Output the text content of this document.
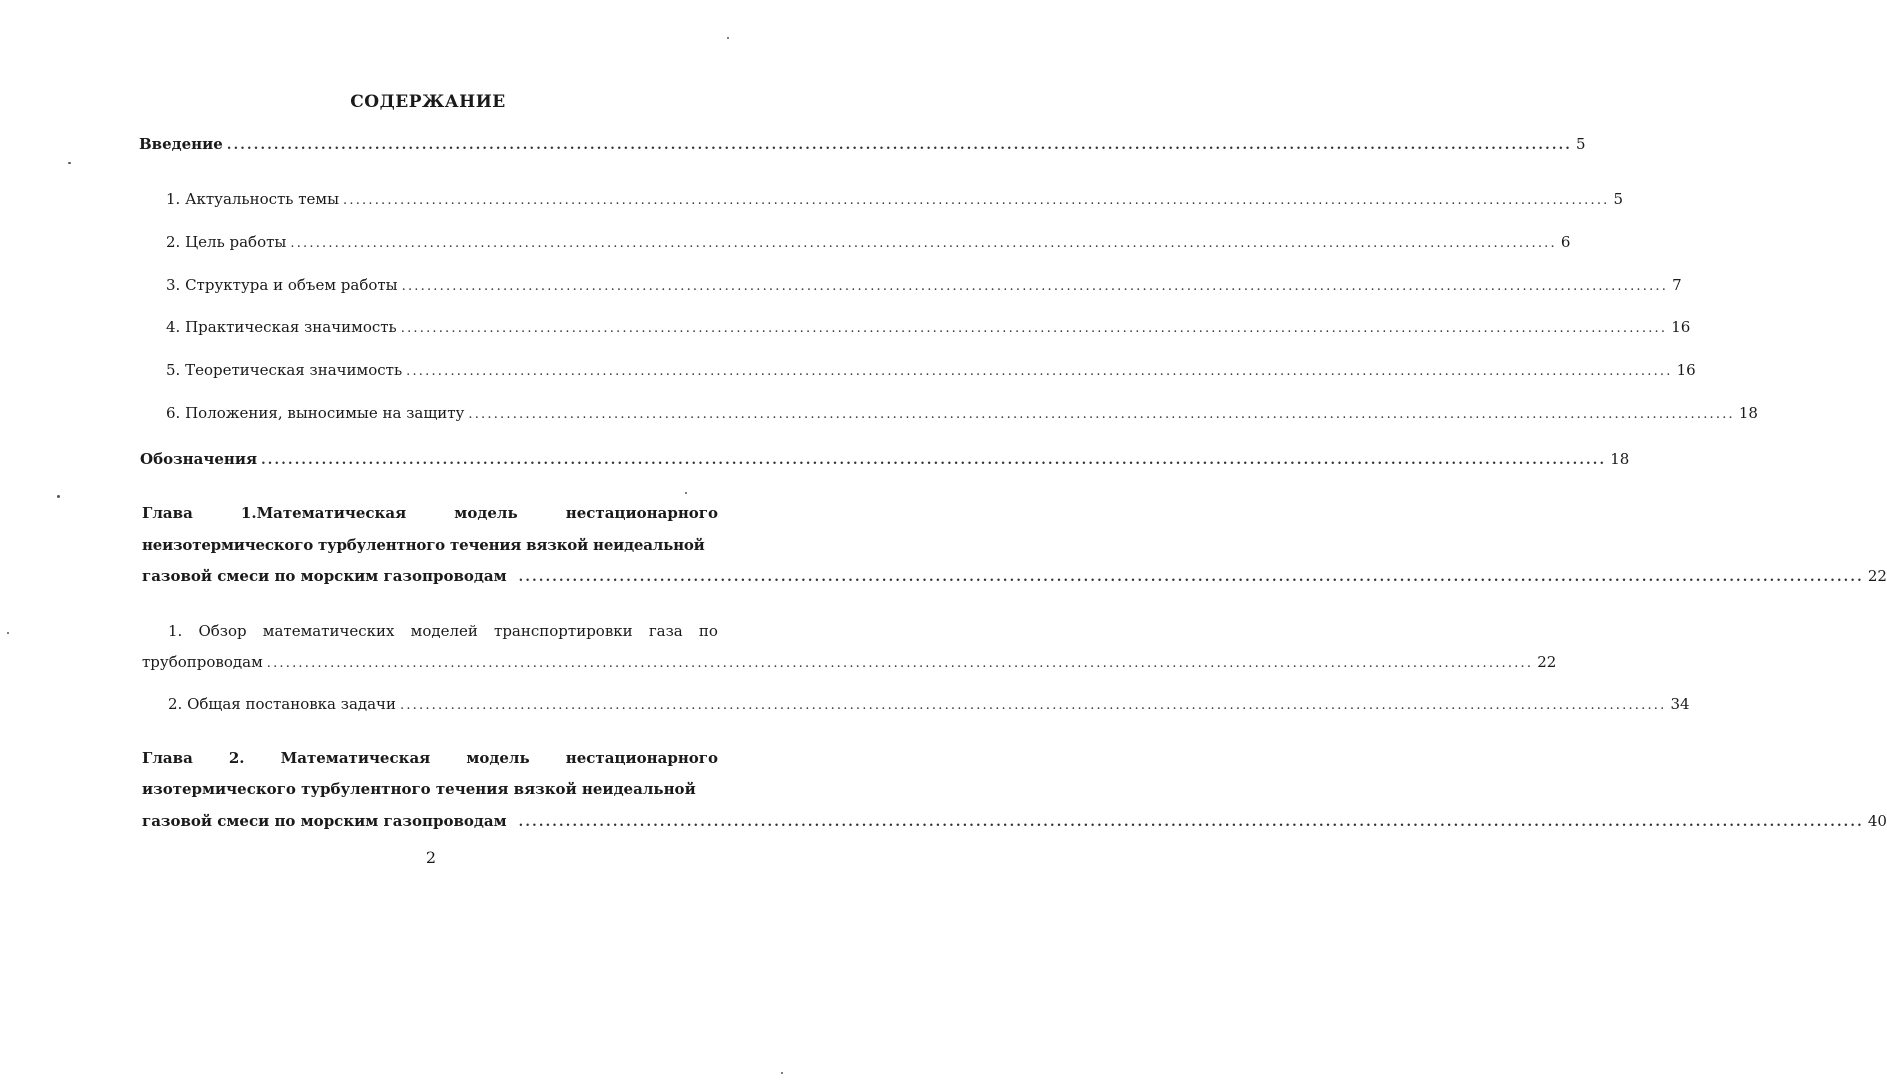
СОДЕРЖАНИЕ
Введение ........................................................................................................................................................................................................ 5
1. Актуальность темы ........................................................................................................................................................................................................ 5
2. Цель работы ........................................................................................................................................................................................................ 6
3. Структура и объем работы ........................................................................................................................................................................................................ 7
4. Практическая значимость ........................................................................................................................................................................................................ 16
5. Теоретическая значимость ........................................................................................................................................................................................................ 16
6. Положения, выносимые на защиту ........................................................................................................................................................................................................ 18
Обозначения ........................................................................................................................................................................................................ 18
Глава	1.Математическая	модель	нестационарного
неизотермического турбулентного течения вязкой неидеальной
газовой смеси по морским газопроводам ........................................................................................................................................................................................................ 22
1. Обзор математических моделей транспортировки газа по
трубопроводам ........................................................................................................................................................................................................ 22
2. Общая постановка задачи ........................................................................................................................................................................................................ 34
Глава 2. Математическая модель нестационарного
изотермического турбулентного течения вязкой неидеальной
газовой смеси по морским газопроводам ........................................................................................................................................................................................................ 40
2
